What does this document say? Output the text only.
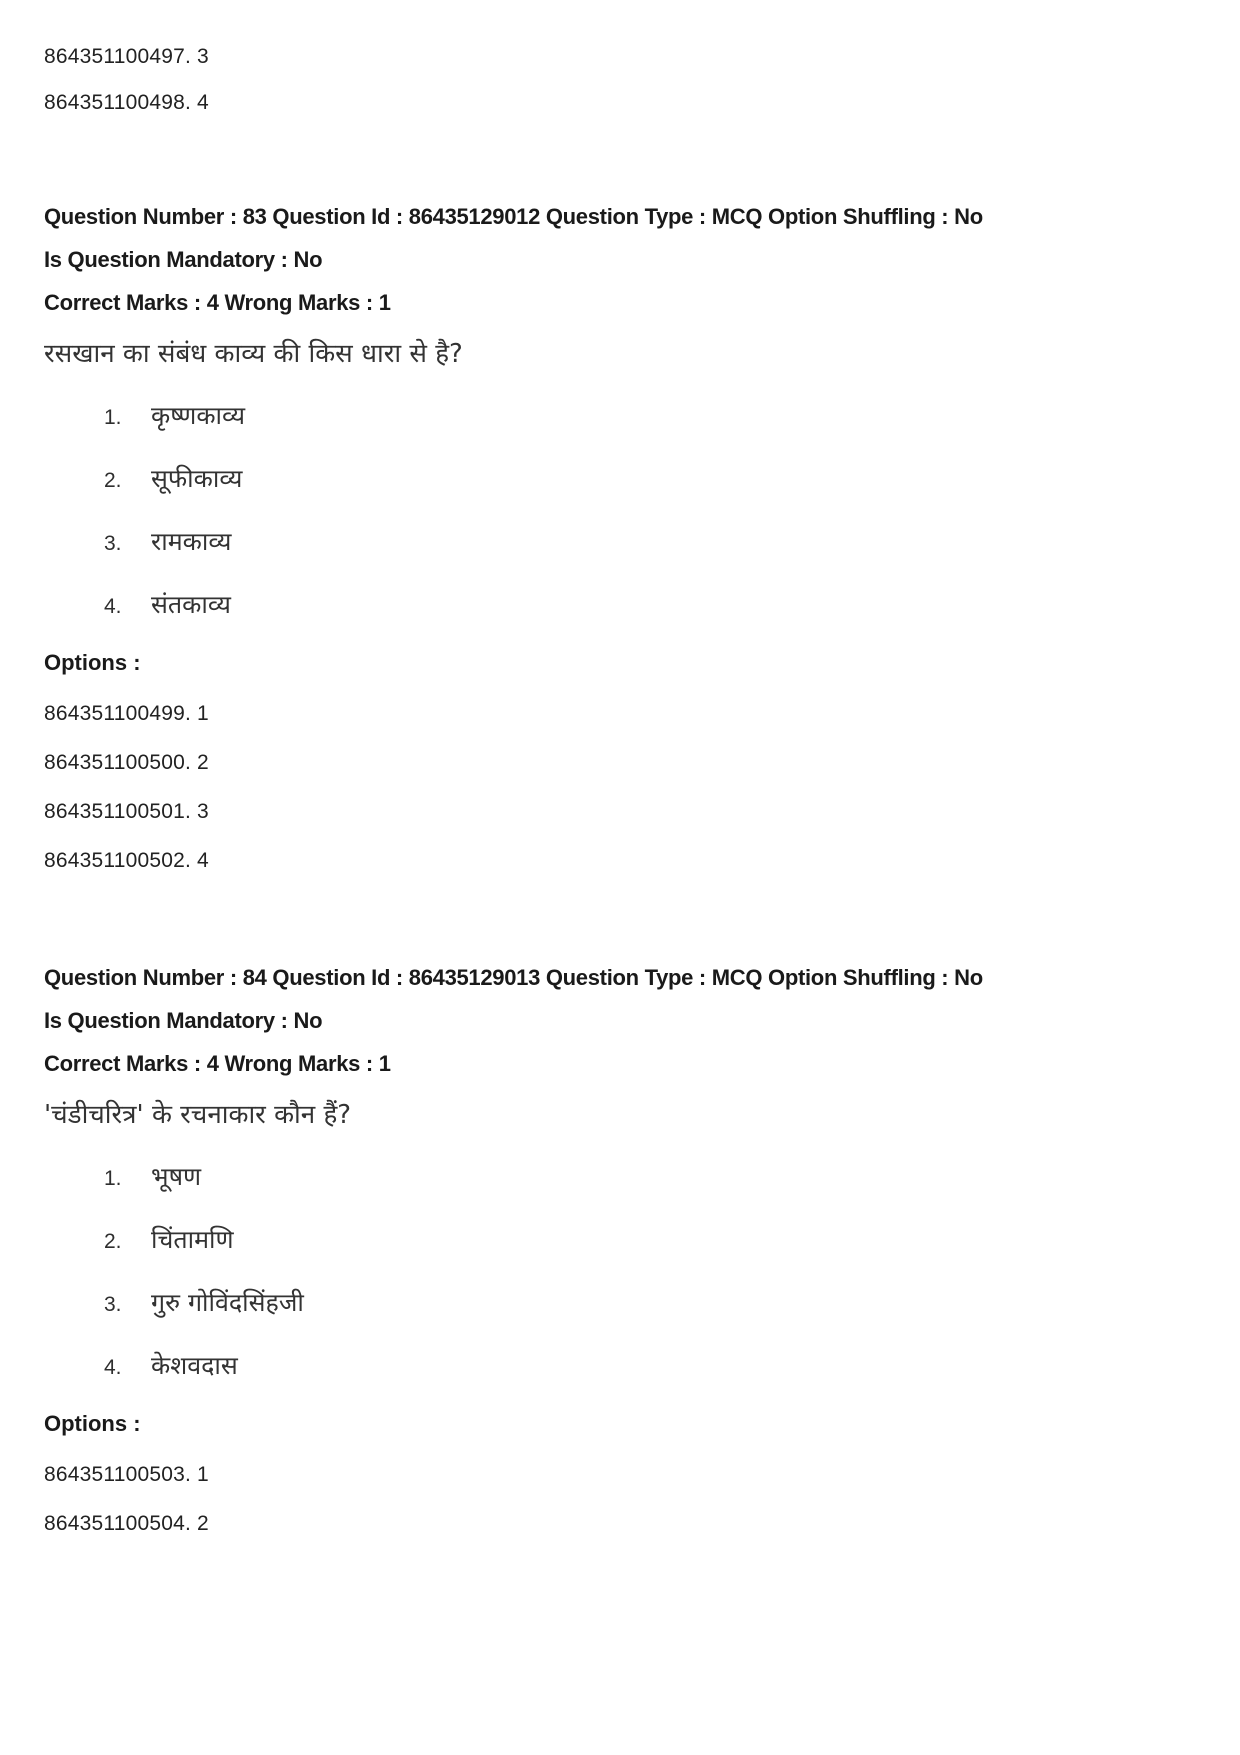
864351100497. 3
864351100498. 4
Question Number : 83 Question Id : 86435129012 Question Type : MCQ Option Shuffling : No
Is Question Mandatory : No
Correct Marks : 4 Wrong Marks : 1
रसखान का संबंध काव्य की किस धारा से है?
1.	कृष्णकाव्य
2.	सूफीकाव्य
3.	रामकाव्य
4.	संतकाव्य
Options :
864351100499. 1
864351100500. 2
864351100501. 3
864351100502. 4
Question Number : 84 Question Id : 86435129013 Question Type : MCQ Option Shuffling : No
Is Question Mandatory : No
Correct Marks : 4 Wrong Marks : 1
'चंडीचरित्र' के रचनाकार कौन हैं?
1.	भूषण
2.	चिंतामणि
3.	गुरु गोविंदसिंहजी
4.	केशवदास
Options :
864351100503. 1
864351100504. 2
